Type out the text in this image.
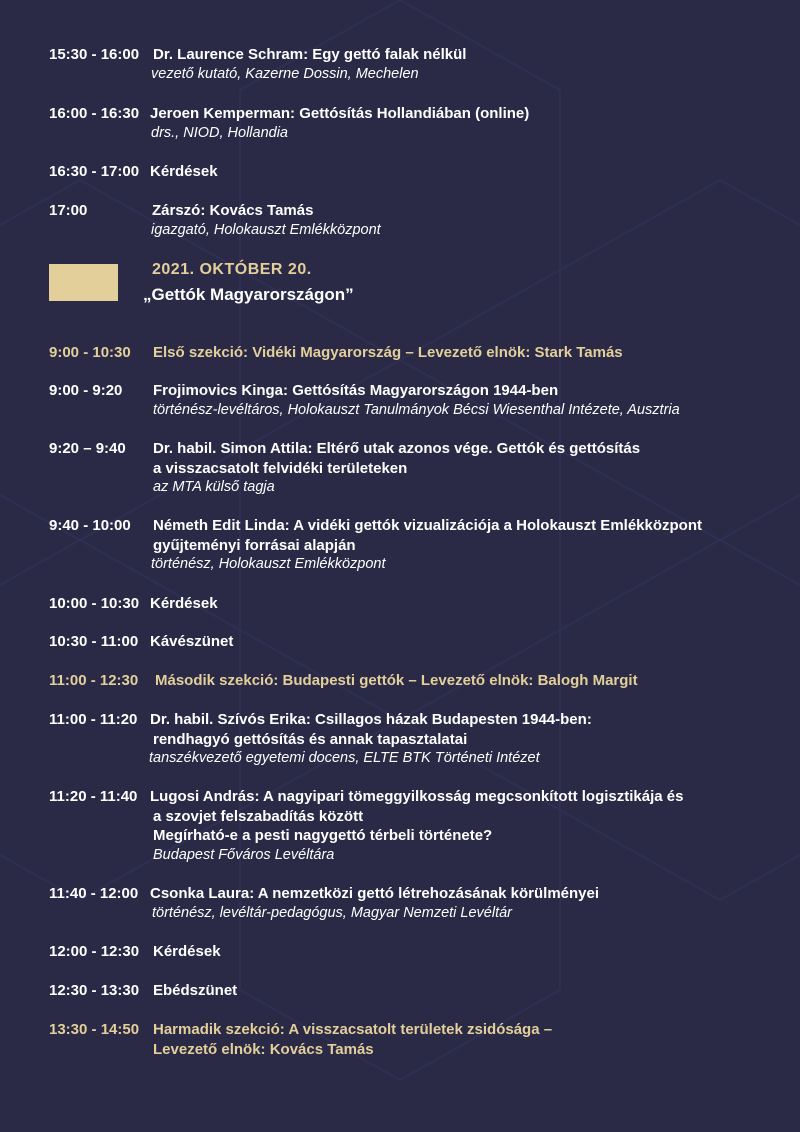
15:30 - 16:00 Dr. Laurence Schram: Egy gettó falak nélkül
vezető kutató, Kazerne Dossin, Mechelen
16:00 - 16:30 Jeroen Kemperman: Gettósítás Hollandiában (online)
drs., NIOD, Hollandia
16:30 - 17:00 Kérdések
17:00	Zárszó: Kovács Tamás
igazgató, Holokauszt Emlékközpont
2021. OKTÓBER 20.
„Gettók Magyarországon”
9:00 - 10:30 Első szekció: Vidéki Magyarország – Levezető elnök: Stark Tamás
9:00 - 9:20 Frojimovics Kinga: Gettósítás Magyarországon 1944-ben
történész-levéltáros, Holokauszt Tanulmányok Bécsi Wiesenthal Intézete, Ausztria
9:20 – 9:40 Dr. habil. Simon Attila: Eltérő utak azonos vége. Gettók és gettósítás
a visszacsatolt felvidéki területeken
az MTA külső tagja
9:40 - 10:00 Németh Edit Linda: A vidéki gettók vizualizációja a Holokauszt Emlékközpont
gyűjteményi forrásai alapján
történész, Holokauszt Emlékközpont
10:00 - 10:30 Kérdések
10:30 - 11:00 Kávészünet
11:00 - 12:30 Második szekció: Budapesti gettók – Levezető elnök: Balogh Margit
11:00 - 11:20 Dr. habil. Szívós Erika: Csillagos házak Budapesten 1944-ben:
rendhagyó gettósítás és annak tapasztalatai
tanszékvezető egyetemi docens, ELTE BTK Történeti Intézet
11:20 - 11:40 Lugosi András: A nagyipari tömeggyilkosság megcsonkított logisztikája és
a szovjet felszabadítás között
Megírható-e a pesti nagygettó térbeli története?
Budapest Főváros Levéltára
11:40 - 12:00 Csonka Laura: A nemzetközi gettó létrehozásának körülményei
történész, levéltár-pedagógus, Magyar Nemzeti Levéltár
12:00 - 12:30 Kérdések
12:30 - 13:30 Ebédszünet
13:30 - 14:50 Harmadik szekció: A visszacsatolt területek zsidósága –
Levezető elnök: Kovács Tamás
